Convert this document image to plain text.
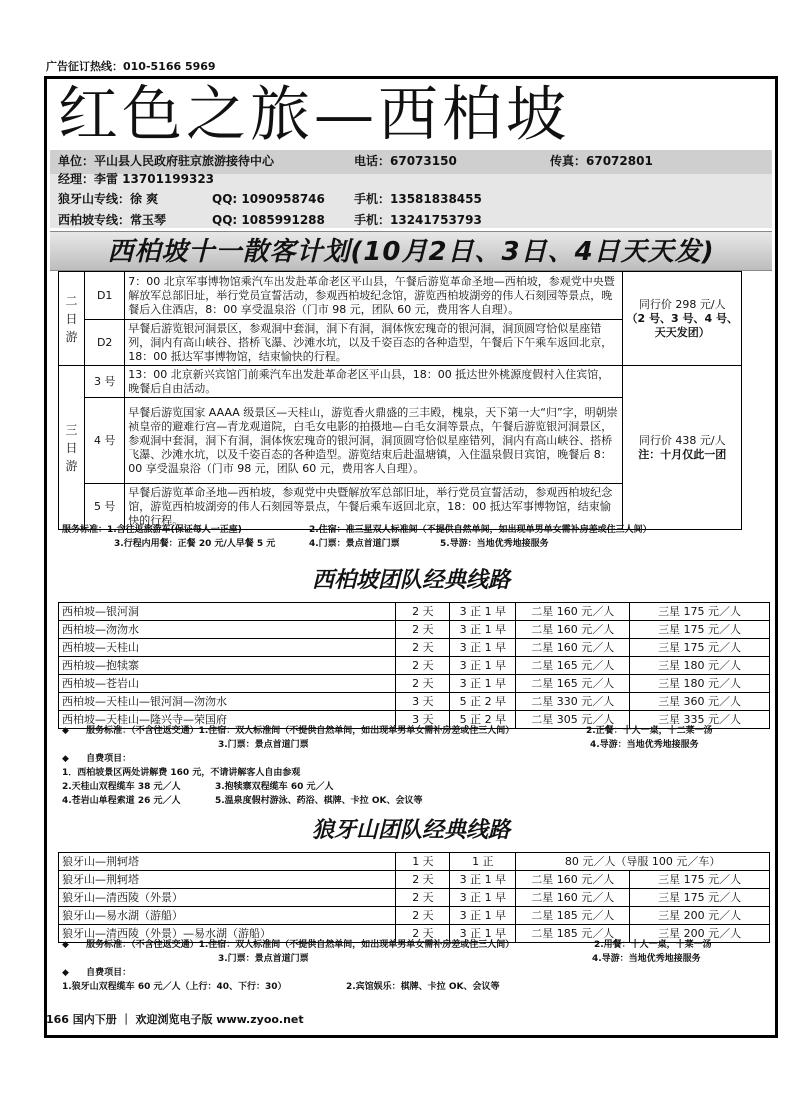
广告征订热线：010-5166 5969
红色之旅—西柏坡
单位：平山县人民政府驻京旅游接待中心	电话：67073150	传真：67072801
经理：李雷 13701199323
狼牙山专线：徐 爽	QQ: 1090958746 手机：13581838455
西柏坡专线：常玉琴	QQ: 1085991288 手机：13241753793
西柏坡十一散客计划(10月2日、3日、4日天天发)
二日游	D1	7：00 北京军事博物馆乘汽车出发赴革命老区平山县，午餐后游览革命圣地—西柏坡，参观党中央暨解放军总部旧址，举行党员宣誓活动，参观西柏坡纪念馆，游览西柏坡湖旁的伟人石刻园等景点，晚餐后入住酒店，8：00 享受温泉浴（门市 98 元，团队 60 元，费用客人自理）。	同行价 298 元/人
（2 号、3 号、4 号、天天发团）

	D2	早餐后游览银河洞景区，参观洞中套洞，洞下有洞，洞体恢宏瑰奇的银河洞，洞顶圆穹恰似星座错列，洞内有高山峡谷、搭桥飞瀑、沙滩水坑，以及千姿百态的各种造型，午餐后下午乘车返回北京，18：00 抵达军事博物馆，结束愉快的行程。	
三日游	3 号	13：00 北京新兴宾馆门前乘汽车出发赴革命老区平山县，18：00 抵达世外桃源度假村入住宾馆，晚餐后自由活动。	同行价 438 元/人
注：十月仅此一团

	4 号	早餐后游览国家 AAAA 级景区—天桂山，游览香火鼎盛的三丰殿，槐泉，天下第一大“归”字，明朝崇祯皇帝的避难行宫—青龙观道院，白毛女电影的拍摄地—白毛女洞等景点，午餐后游览银河洞景区，参观洞中套洞，洞下有洞，洞体恢宏瑰奇的银河洞，洞顶圆穹恰似星座错列，洞内有高山峡谷、搭桥飞瀑、沙滩水坑，以及千姿百态的各种造型。游览结束后赴温塘镇，入住温泉假日宾馆，晚餐后 8：00 享受温泉浴（门市 98 元，团队 60 元，费用客人自理）。	
	5 号	早餐后游览革命圣地—西柏坡，参观党中央暨解放军总部旧址，举行党员宣誓活动，参观西柏坡纪念馆，游览西柏坡湖旁的伟人石刻园等景点，午餐后乘车返回北京，18：00 抵达军事博物馆，结束愉快的行程。	
服务标准：1.含往返旅游车(保证每人一正座)	2.住宿：准三星双人标准间（不提供自然单间，如出现单男单女需补房差或住三人间）
3.行程内用餐：正餐 20 元/人早餐 5 元	4.门票：景点首道门票	5.导游：当地优秀地接服务
西柏坡团队经典线路
西柏坡—银河洞	2 天	3 正 1 早	二星 160 元／人	三星 175 元／人
西柏坡—沕沕水	2 天	3 正 1 早	二星 160 元／人	三星 175 元／人
西柏坡—天桂山	2 天	3 正 1 早	二星 160 元／人	三星 175 元／人
西柏坡—抱犊寨	2 天	3 正 1 早	二星 165 元／人	三星 180 元／人
西柏坡—苍岩山	2 天	3 正 1 早	二星 165 元／人	三星 180 元／人
西柏坡—天桂山—银河洞—沕沕水	3 天	5 正 2 早	二星 330 元／人	三星 360 元／人
西柏坡—天桂山—隆兴寺—荣国府	3 天	5 正 2 早	二星 305 元／人	三星 335 元／人
◆ 服务标准：（不含往返交通）1.住宿：双人标准间（不提供自然单间，如出现单男单女需补房差或住三人间）	2.正餐：十人一桌，十二菜一汤
3.门票：景点首道门票	4.导游：当地优秀地接服务
◆ 自费项目：
1．西柏坡景区两处讲解费 160 元，不请讲解客人自由参观
2.天桂山双程缆车 38 元／人	3.抱犊寨双程缆车 60 元／人
4.苍岩山单程索道 26 元／人	5.温泉度假村游泳、药浴、棋牌、卡拉 OK、会议等
狼牙山团队经典线路
狼牙山—荆轲塔	1 天	1 正	80 元／人（导服 100 元／车）	
狼牙山—荆轲塔	2 天	3 正 1 早	二星 160 元／人	三星 175 元／人
狼牙山—清西陵（外景）	2 天	3 正 1 早	二星 160 元／人	三星 175 元／人
狼牙山—易水湖（游船）	2 天	3 正 1 早	二星 185 元／人	三星 200 元／人
狼牙山—清西陵（外景）—易水湖（游船）	2 天	3 正 1 早	二星 185 元／人	三星 200 元／人
◆ 服务标准：（不含往返交通）1.住宿：双人标准间（不提供自然单间，如出现单男单女需补房差或住三人间）	2.用餐：十人一桌，十菜一汤
3.门票：景点首道门票	4.导游：当地优秀地接服务
◆ 自费项目：
1.狼牙山双程缆车 60 元／人（上行：40、下行：30）	2.宾馆娱乐：棋牌、卡拉 OK、会议等
166 国内下册 ｜ 欢迎浏览电子版 www.zyoo.net
